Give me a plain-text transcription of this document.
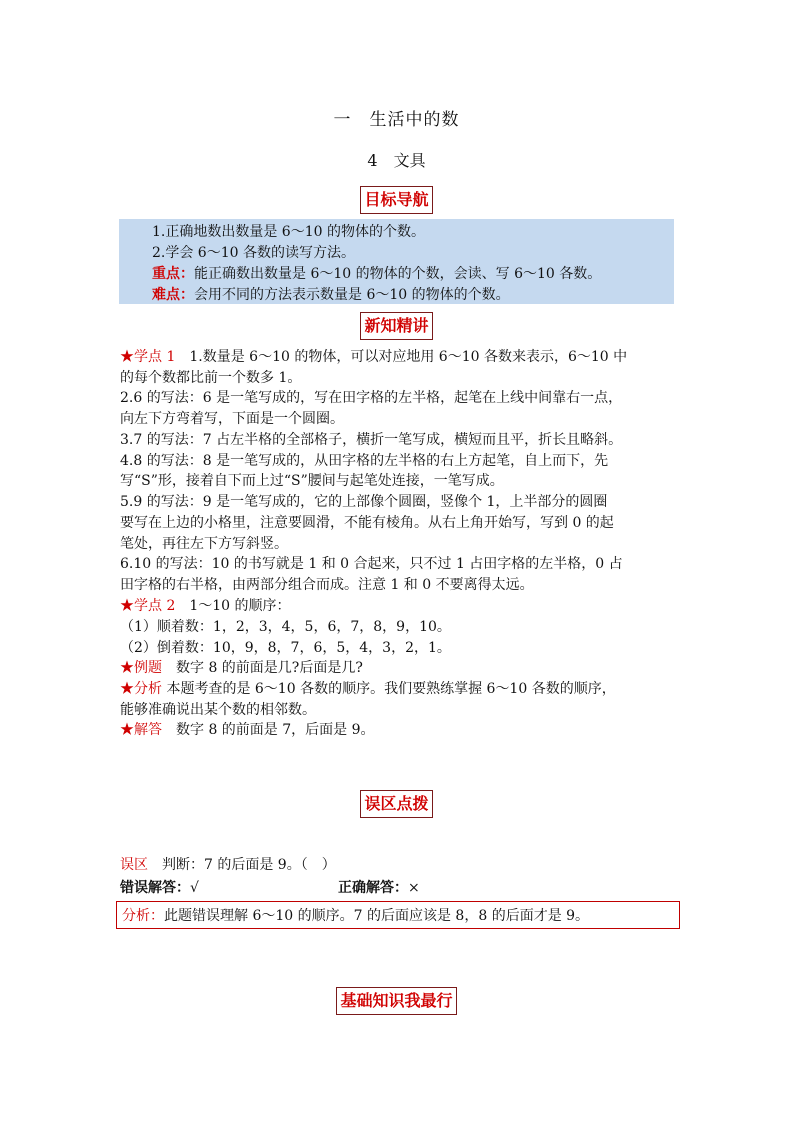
一　生活中的数
4　文具
目标导航
1.正确地数出数量是 6～10 的物体的个数。
2.学会 6～10 各数的读写方法。
重点：能正确数出数量是 6～10 的物体的个数，会读、写 6～10 各数。
难点：会用不同的方法表示数量是 6～10 的物体的个数。
新知精讲
★学点 1　 1.数量是 6～10 的物体，可以对应地用 6～10 各数来表示，6～10 中
的每个数都比前一个数多 1。
2.6 的写法：6 是一笔写成的，写在田字格的左半格，起笔在上线中间靠右一点，
向左下方弯着写，下面是一个圆圈。
3.7 的写法：7 占左半格的全部格子，横折一笔写成，横短而且平，折长且略斜。
4.8 的写法：8 是一笔写成的，从田字格的左半格的右上方起笔，自上而下，先
写“S”形，接着自下而上过“S”腰间与起笔处连接，一笔写成。
5.9 的写法：9 是一笔写成的，它的上部像个圆圈，竖像个 1，上半部分的圆圈
要写在上边的小格里，注意要圆滑，不能有棱角。从右上角开始写，写到 0 的起
笔处，再往左下方写斜竖。
6.10 的写法：10 的书写就是 1 和 0 合起来，只不过 1 占田字格的左半格，0 占
田字格的右半格，由两部分组合而成。注意 1 和 0 不要离得太远。
★学点 2　 1～10 的顺序：
（1）顺着数：1，2，3，4，5，6，7，8，9，10。
（2）倒着数：10，9，8，7，6，5，4，3，2，1。
★例题　 数字 8 的前面是几?后面是几?
★分析 本题考查的是 6～10 各数的顺序。我们要熟练掌握 6～10 各数的顺序，
能够准确说出某个数的相邻数。
★解答　 数字 8 的前面是 7，后面是 9。
误区点拨
误区　 判断：7 的后面是 9。（　）
错误解答：√	正确解答：×
分析：此题错误理解 6～10 的顺序。7 的后面应该是 8，8 的后面才是 9。
基础知识我最行
